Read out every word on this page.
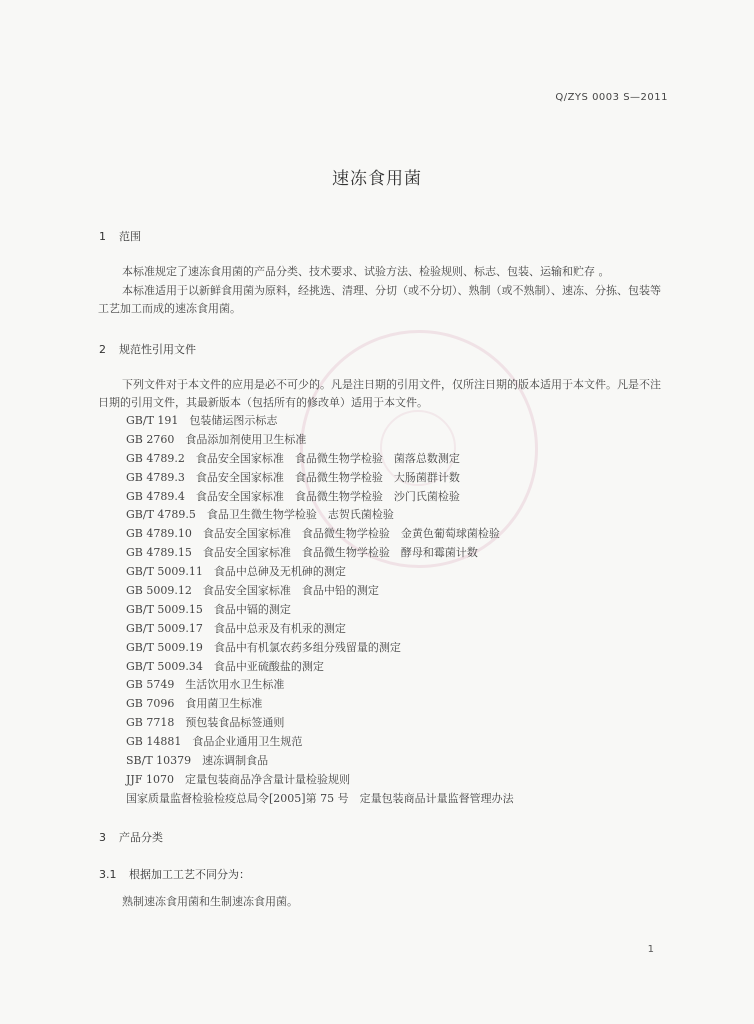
Q/ZYS 0003 S—2011
速冻食用菌
1 范围
本标准规定了速冻食用菌的产品分类、技术要求、试验方法、检验规则、标志、包装、运输和贮存 。
本标准适用于以新鲜食用菌为原料，经挑选、清理、分切（或不分切）、熟制（或不熟制）、速冻、分拣、包装等工艺加工而成的速冻食用菌。
2 规范性引用文件
下列文件对于本文件的应用是必不可少的。凡是注日期的引用文件，仅所注日期的版本适用于本文件。凡是不注日期的引用文件，其最新版本（包括所有的修改单）适用于本文件。
GB/T 191　包装储运图示标志
GB 2760　食品添加剂使用卫生标准
GB 4789.2　食品安全国家标准　食品微生物学检验　菌落总数测定
GB 4789.3　食品安全国家标准　食品微生物学检验　大肠菌群计数
GB 4789.4　食品安全国家标准　食品微生物学检验　沙门氏菌检验
GB/T 4789.5　食品卫生微生物学检验　志贺氏菌检验
GB 4789.10　食品安全国家标准　食品微生物学检验　金黄色葡萄球菌检验
GB 4789.15　食品安全国家标准　食品微生物学检验　酵母和霉菌计数
GB/T 5009.11　食品中总砷及无机砷的测定
GB 5009.12　食品安全国家标准　食品中铅的测定
GB/T 5009.15　食品中镉的测定
GB/T 5009.17　食品中总汞及有机汞的测定
GB/T 5009.19　食品中有机氯农药多组分残留量的测定
GB/T 5009.34　食品中亚硫酸盐的测定
GB 5749　生活饮用水卫生标准
GB 7096　食用菌卫生标准
GB 7718　预包装食品标签通则
GB 14881　食品企业通用卫生规范
SB/T 10379　速冻调制食品
JJF 1070　定量包装商品净含量计量检验规则
国家质量监督检验检疫总局令[2005]第 75 号　定量包装商品计量监督管理办法
3 产品分类
3.1 根据加工工艺不同分为：
熟制速冻食用菌和生制速冻食用菌。
1
